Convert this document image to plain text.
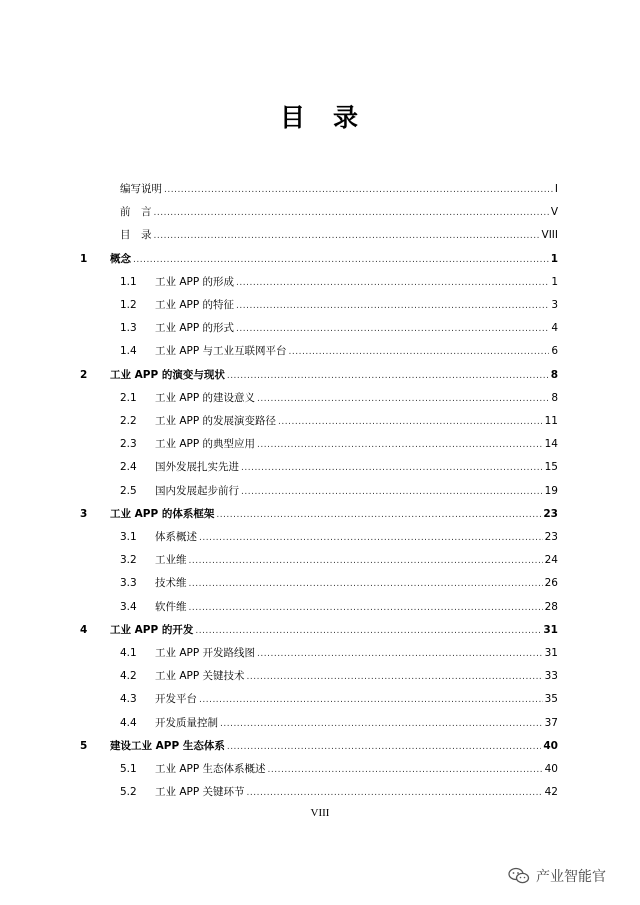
目 录
编写说明 .....	I
前　言 .....	V
目　录 .....	VIII
1 概念 .....	1
1.1 工业 APP 的形成 .....	1
1.2 工业 APP 的特征 .....	3
1.3 工业 APP 的形式 .....	4
1.4 工业 APP 与工业互联网平台 .....	6
2 工业 APP 的演变与现状 .....	8
2.1 工业 APP 的建设意义 .....	8
2.2 工业 APP 的发展演变路径 .....	11
2.3 工业 APP 的典型应用 .....	14
2.4 国外发展扎实先进 .....	15
2.5 国内发展起步前行 .....	19
3 工业 APP 的体系框架 .....	23
3.1 体系概述 .....	23
3.2 工业维 .....	24
3.3 技术维 .....	26
3.4 软件维 .....	28
4 工业 APP 的开发 .....	31
4.1 工业 APP 开发路线图 .....	31
4.2 工业 APP 关键技术 .....	33
4.3 开发平台 .....	35
4.4 开发质量控制 .....	37
5 建设工业 APP 生态体系 .....	40
5.1 工业 APP 生态体系概述 .....	40
5.2 工业 APP 关键环节 .....	42
VIII
产业智能官
